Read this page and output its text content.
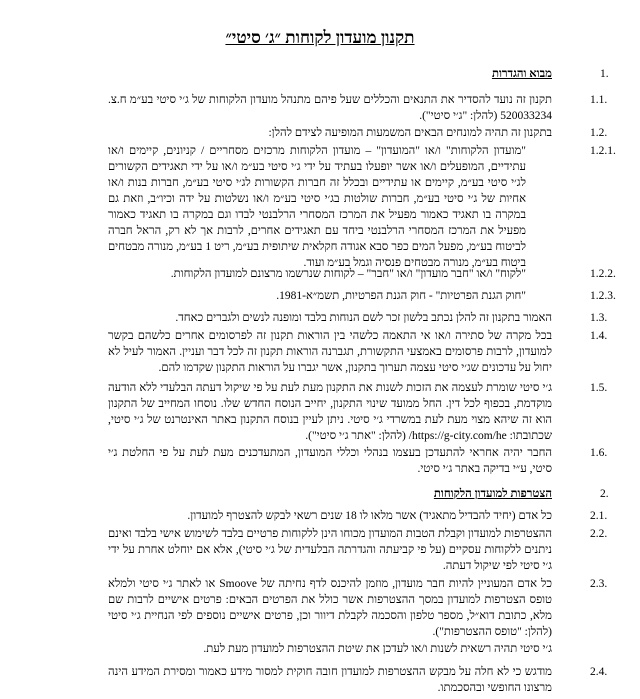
תקנון מועדון לקוחות ״ג׳ סיטי״
1.
מבוא והגדרות
1.1.
תקנון זה נועד להסדיר את התנאים והכללים שעל פיהם מתנהל מועדון הלקוחות של ג׳י סיטי בע״מ ח.צ. 520033234 (להלן: "ג׳י סיטי").
1.2.
בתקנון זה תהיה למונחים הבאים המשמעות המופיעה לצידם להלן:
1.2.1.
"מועדון הלקוחות" ו/או "המועדון" – מועדון הלקוחות מרכזים מסחריים / קניונים, קיימים ו/או עתידיים, המופעלים ו/או אשר יופעלו בעתיד על ידי ג׳י סיטי בע״מ ו/או על ידי תאגידים הקשורים לג׳י סיטי בע״מ, קיימים או עתידיים ובכלל זה חברות הקשורות לג׳י סיטי בע״מ, חברות בנות ו/או אחיות של ג׳י סיטי בע״מ, חברות שולטות בג׳י סיטי בע״מ ו/או נשלטות על ידה וכיו״ב, וזאת גם במקרה בו תאגיד כאמור מפעיל את המרכז המסחרי הרלבנטי לבדו וגם במקרה בו תאגיד כאמור מפעיל את המרכז המסחרי הרלבנטי ביחד עם תאגידים אחרים, לרבות אך לא רק, הראל חברה לביטוח בע״מ, מפעל המים כפר סבא אגודה חקלאית שיתופית בע״מ, ריט 1 בע״מ, מנורה מבטחים ביטוח בע״מ, מנורה מבטחים פנסיה וגמל בע״מ ועוד.
1.2.2.
"לקוח" ו/או "חבר מועדון" ו/או "חבר" – לקוחות שנרשמו מרצונם למועדון הלקוחות.
1.2.3.
"חוק הגנת הפרטיות" - חוק הגנת הפרטיות, תשמ״א-1981.
1.3.
האמור בתקנון זה להלן נכתב בלשון זכר לשם הנוחות בלבד ומופנה לנשים ולגברים כאחד.
1.4.
בכל מקרה של סתירה ו/או אי התאמה כלשהי בין הוראות תקנון זה לפרסומים אחרים כלשהם בקשר למועדון, לרבות פרסומים באמצעי התקשורת, תגברנה הוראות תקנון זה לכל דבר ועניין. האמור לעיל לא יחול על עדכונים שג׳י סיטי עצמה תערוך בתקנון, אשר יגברו על הוראות התקנון שקדמו להם.
1.5.
ג׳י סיטי שומרת לעצמה את הזכות לשנות את התקנון מעת לעת על פי שיקול דעתה הבלעדי ללא הודעה מוקדמת, בכפוף לכל דין. החל ממועד שינוי התקנון, יחייב הנוסח החדש שלו. נוסחו המחייב של התקנון הוא זה שיהא מצוי מעת לעת במשרדי ג׳י סיטי. ניתן לעיין בנוסח התקנון באתר האינטרנט של ג׳י סיטי, שכתובתו: https://g-city.com/he/ (להלן: "אתר ג׳י סיטי").
1.6.
החבר יהיה אחראי להתעדכן בעצמו בנהלי וכללי המועדון, המתעדכנים מעת לעת על פי החלטת ג׳י סיטי, ע״י בדיקה באתר ג׳י סיטי.
2.
הצטרפות למועדון הלקוחות
2.1.
כל אדם (יחיד להבדיל מתאגיד) אשר מלאו לו 18 שנים רשאי לבקש להצטרף למועדון.
2.2.
ההצטרפות למועדון וקבלת הטבות המועדון מכוחו הינן ללקוחות פרטיים בלבד לשימוש אישי בלבד ואינם ניתנים ללקוחות עסקיים (על פי קביעתה והגדרתה הבלעדית של ג׳י סיטי), אלא אם יוחלט אחרת על ידי ג׳י סיטי לפי שיקול דעתה.
2.3.
כל אדם המעוניין להיות חבר מועדון, מוזמן להיכנס לדף נחיתה של Smoove או לאתר ג׳י סיטי ולמלא טופס הצטרפות למועדון במסך ההצטרפות אשר כולל את הפרטים הבאים: פרטים אישיים לרבות שם מלא, כתובת דוא״ל, מספר טלפון והסכמה לקבלת דיוור וכן, פרטים אישיים נוספים לפי הנחיית ג׳י סיטי (להלן: "טופס ההצטרפות").
ג׳י סיטי תהיה רשאית לשנות ו/או לעדכן את שיטת ההצטרפות למועדון מעת לעת.
2.4.
מודגש כי לא חלה על מבקש ההצטרפות למועדון חובה חוקית למסור מידע כאמור ומסירת המידע הינה מרצונו החופשי ובהסכמתו.
